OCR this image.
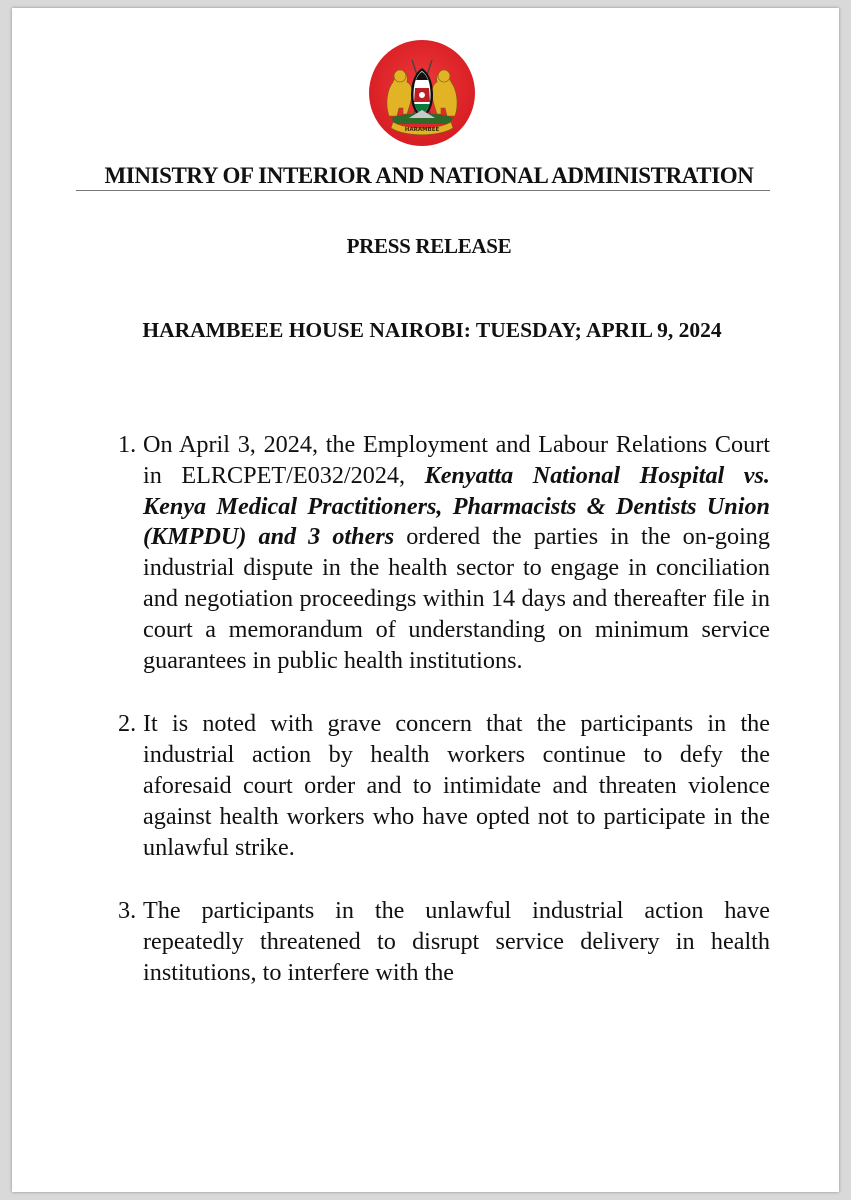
HARAMBEE
MINISTRY OF INTERIOR AND NATIONAL ADMINISTRATION
PRESS RELEASE
HARAMBEEE HOUSE NAIROBI: TUESDAY; APRIL 9, 2024
1. On April 3, 2024, the Employment and Labour Relations Court in ELRCPET/E032/2024, Kenyatta National Hospital vs. Kenya Medical Practitioners, Pharmacists & Dentists Union (KMPDU) and 3 others ordered the parties in the on-going industrial dispute in the health sector to engage in conciliation and negotiation proceedings within 14 days and thereafter file in court a memorandum of understanding on minimum service guarantees in public health institutions.
2. It is noted with grave concern that the participants in the industrial action by health workers continue to defy the aforesaid court order and to intimidate and threaten violence against health workers who have opted not to participate in the unlawful strike.
3. The participants in the unlawful industrial action have repeatedly threatened to disrupt service delivery in health institutions, to interfere with the
